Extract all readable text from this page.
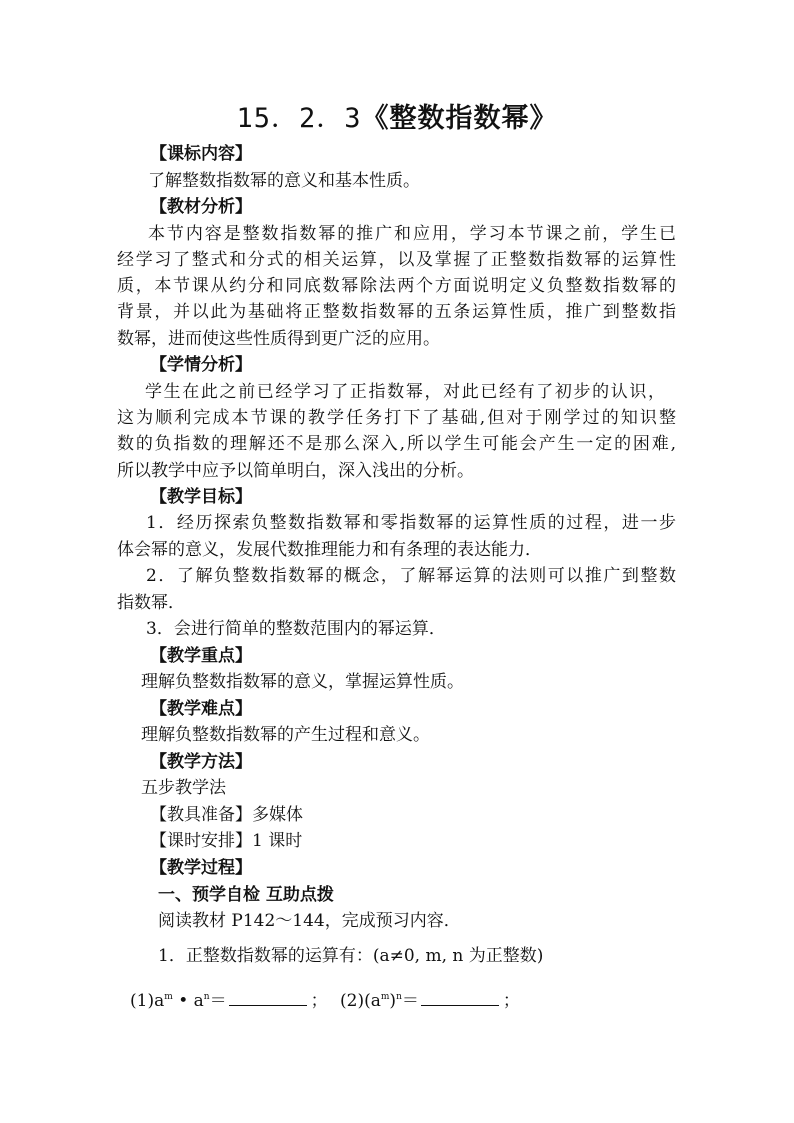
15．2．3《整数指数幂》
【课标内容】
了解整数指数幂的意义和基本性质。
【教材分析】
本节内容是整数指数幂的推广和应用，学习本节课之前，学生已
经学习了整式和分式的相关运算，以及掌握了正整数指数幂的运算性
质，本节课从约分和同底数幂除法两个方面说明定义负整数指数幂的
背景，并以此为基础将正整数指数幂的五条运算性质，推广到整数指
数幂，进而使这些性质得到更广泛的应用。
【学情分析】
学生在此之前已经学习了正指数幂，对此已经有了初步的认识，
这为顺利完成本节课的教学任务打下了基础,但对于刚学过的知识整
数的负指数的理解还不是那么深入,所以学生可能会产生一定的困难,
所以教学中应予以简单明白，深入浅出的分析。
【教学目标】
1．经历探索负整数指数幂和零指数幂的运算性质的过程，进一步
体会幂的意义，发展代数推理能力和有条理的表达能力．
2．了解负整数指数幂的概念，了解幂运算的法则可以推广到整数
指数幂．
3．会进行简单的整数范围内的幂运算．
【教学重点】
理解负整数指数幂的意义，掌握运算性质。
【教学难点】
理解负整数指数幂的产生过程和意义。
【教学方法】
五步教学法
【教具准备】多媒体
【课时安排】1 课时
【教学过程】
一、预学自检 互助点拨
阅读教材 P142～144，完成预习内容．
1．正整数指数幂的运算有：(a≠0, m, n 为正整数)
$(1)a^m$ • $a^n=$	； $(2)(a^m)^n=$	；
